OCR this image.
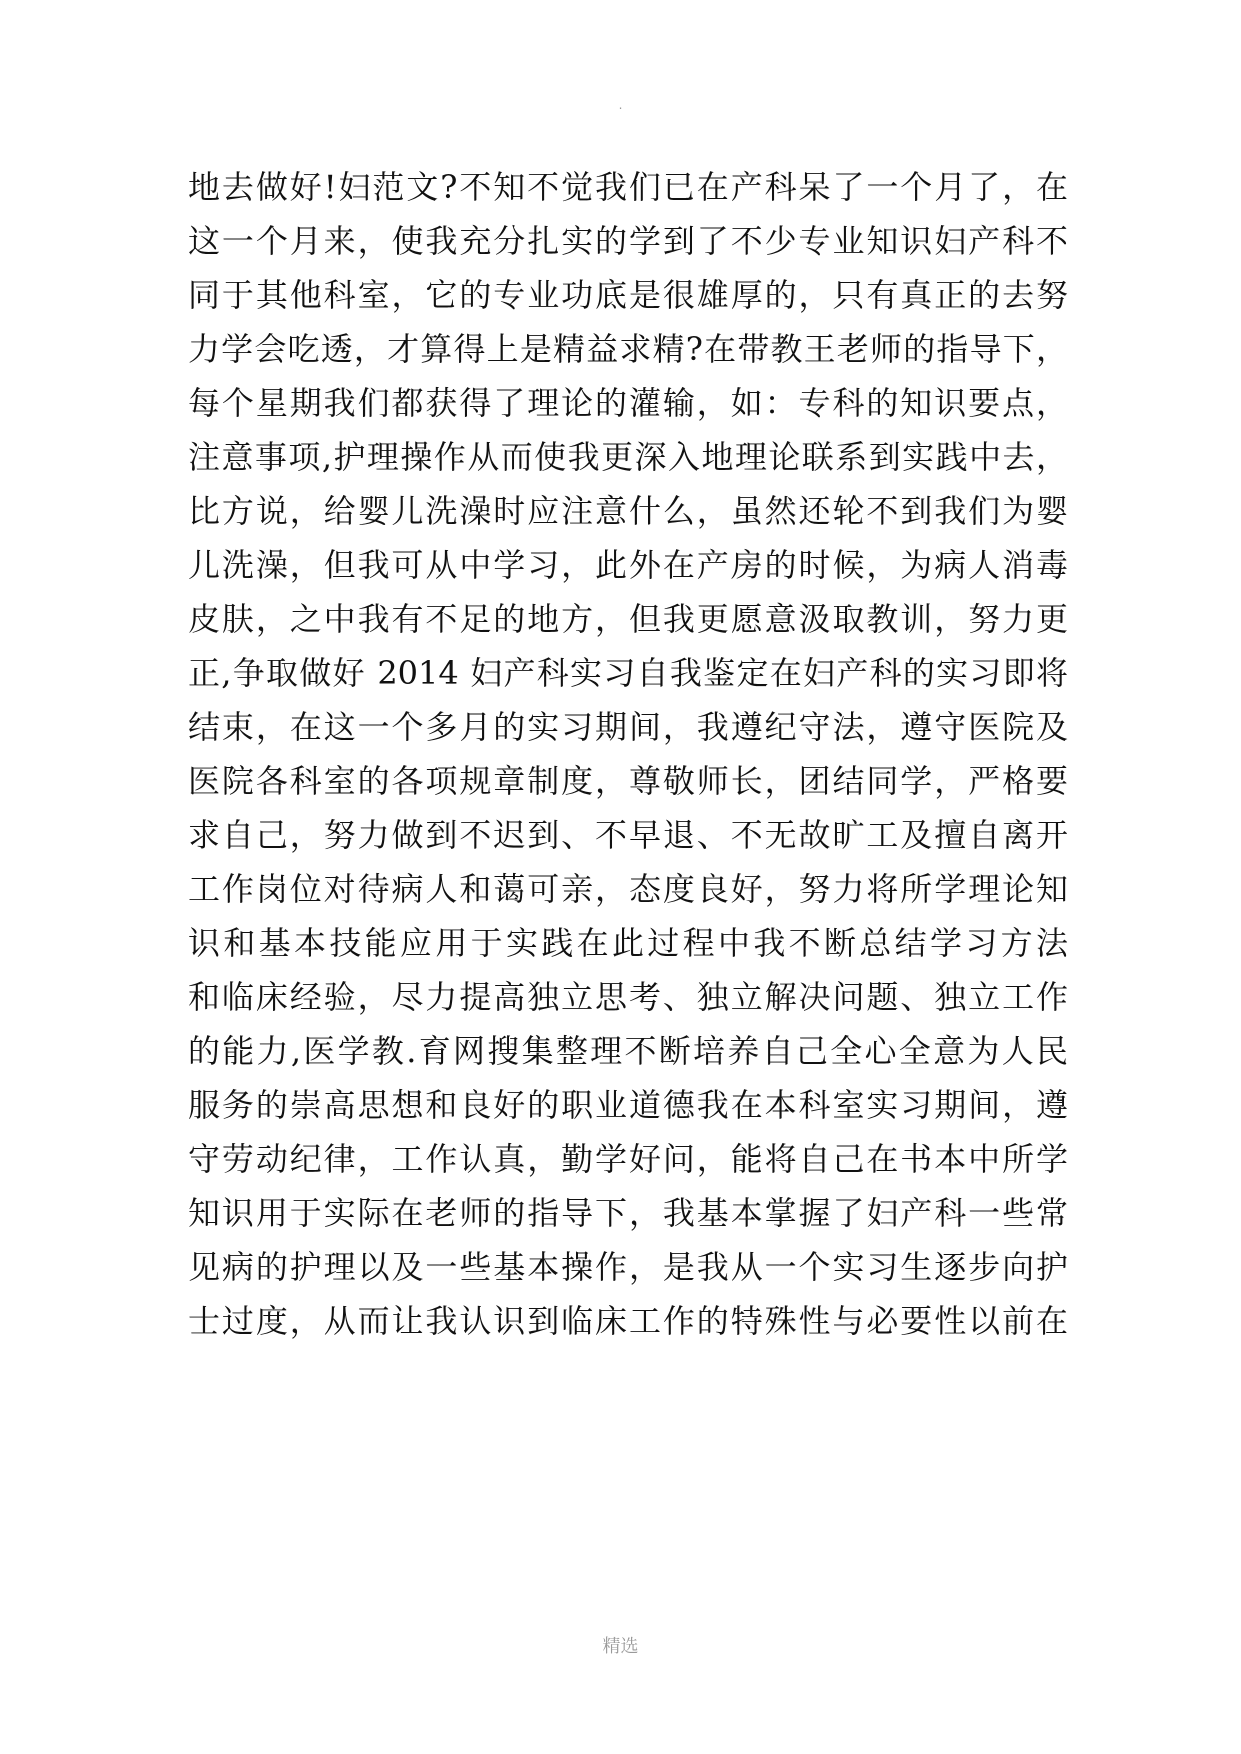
.
地去做好!妇范文?不知不觉我们已在产科呆了一个月了，在
这一个月来，使我充分扎实的学到了不少专业知识妇产科不
同于其他科室，它的专业功底是很雄厚的，只有真正的去努
力学会吃透，才算得上是精益求精?在带教王老师的指导下，
每个星期我们都获得了理论的灌输，如：专科的知识要点，
注意事项,护理操作从而使我更深入地理论联系到实践中去，
比方说，给婴儿洗澡时应注意什么，虽然还轮不到我们为婴
儿洗澡，但我可从中学习，此外在产房的时候，为病人消毒
皮肤，之中我有不足的地方，但我更愿意汲取教训，努力更
正,争取做好 2014 妇产科实习自我鉴定在妇产科的实习即将
结束，在这一个多月的实习期间，我遵纪守法，遵守医院及
医院各科室的各项规章制度，尊敬师长，团结同学，严格要
求自己，努力做到不迟到、不早退、不无故旷工及擅自离开
工作岗位对待病人和蔼可亲，态度良好，努力将所学理论知
识和基本技能应用于实践在此过程中我不断总结学习方法
和临床经验，尽力提高独立思考、独立解决问题、独立工作
的能力,医学教.育网搜集整理不断培养自己全心全意为人民
服务的崇高思想和良好的职业道德我在本科室实习期间，遵
守劳动纪律，工作认真，勤学好问，能将自己在书本中所学
知识用于实际在老师的指导下，我基本掌握了妇产科一些常
见病的护理以及一些基本操作，是我从一个实习生逐步向护
士过度，从而让我认识到临床工作的特殊性与必要性以前在
精选
